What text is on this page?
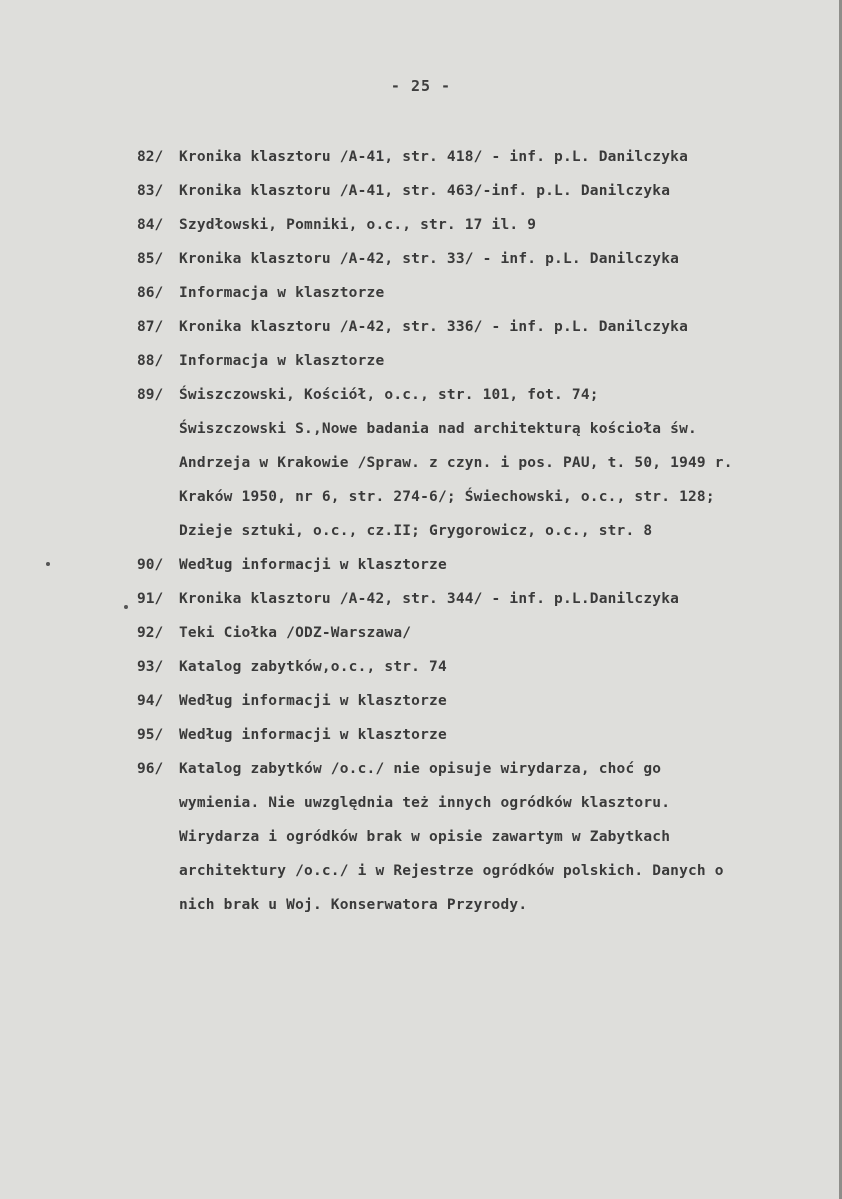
- 25 -
82/	Kronika klasztoru /A-41, str. 418/ - inf. p.L. Danilczyka
83/	Kronika klasztoru /A-41, str. 463/-inf. p.L. Danilczyka
84/	Szydłowski, Pomniki, o.c., str. 17 il. 9
85/	Kronika klasztoru /A-42, str. 33/ - inf. p.L. Danilczyka
86/	Informacja w klasztorze
87/	Kronika klasztoru /A-42, str. 336/ - inf. p.L. Danilczyka
88/	Informacja w klasztorze
89/	Świszczowski, Kościół, o.c., str. 101, fot. 74;
Świszczowski S.,Nowe badania nad architekturą kościoła św.
Andrzeja w Krakowie /Spraw. z czyn. i pos. PAU, t. 50, 1949 r.
Kraków 1950, nr 6, str. 274-6/; Świechowski, o.c., str. 128;
Dzieje sztuki, o.c., cz.II; Grygorowicz, o.c., str. 8
90/	Według informacji w klasztorze
91/	Kronika klasztoru /A-42, str. 344/ - inf. p.L.Danilczyka
92/	Teki Ciołka /ODZ-Warszawa/
93/	Katalog zabytków,o.c., str. 74
94/	Według informacji w klasztorze
95/	Według informacji w klasztorze
96/	Katalog zabytków /o.c./ nie opisuje wirydarza, choć go
wymienia. Nie uwzględnia też innych ogródków klasztoru.
Wirydarza i ogródków brak w opisie zawartym w Zabytkach
architektury /o.c./ i w Rejestrze ogródków polskich. Danych o
nich brak u Woj. Konserwatora Przyrody.
